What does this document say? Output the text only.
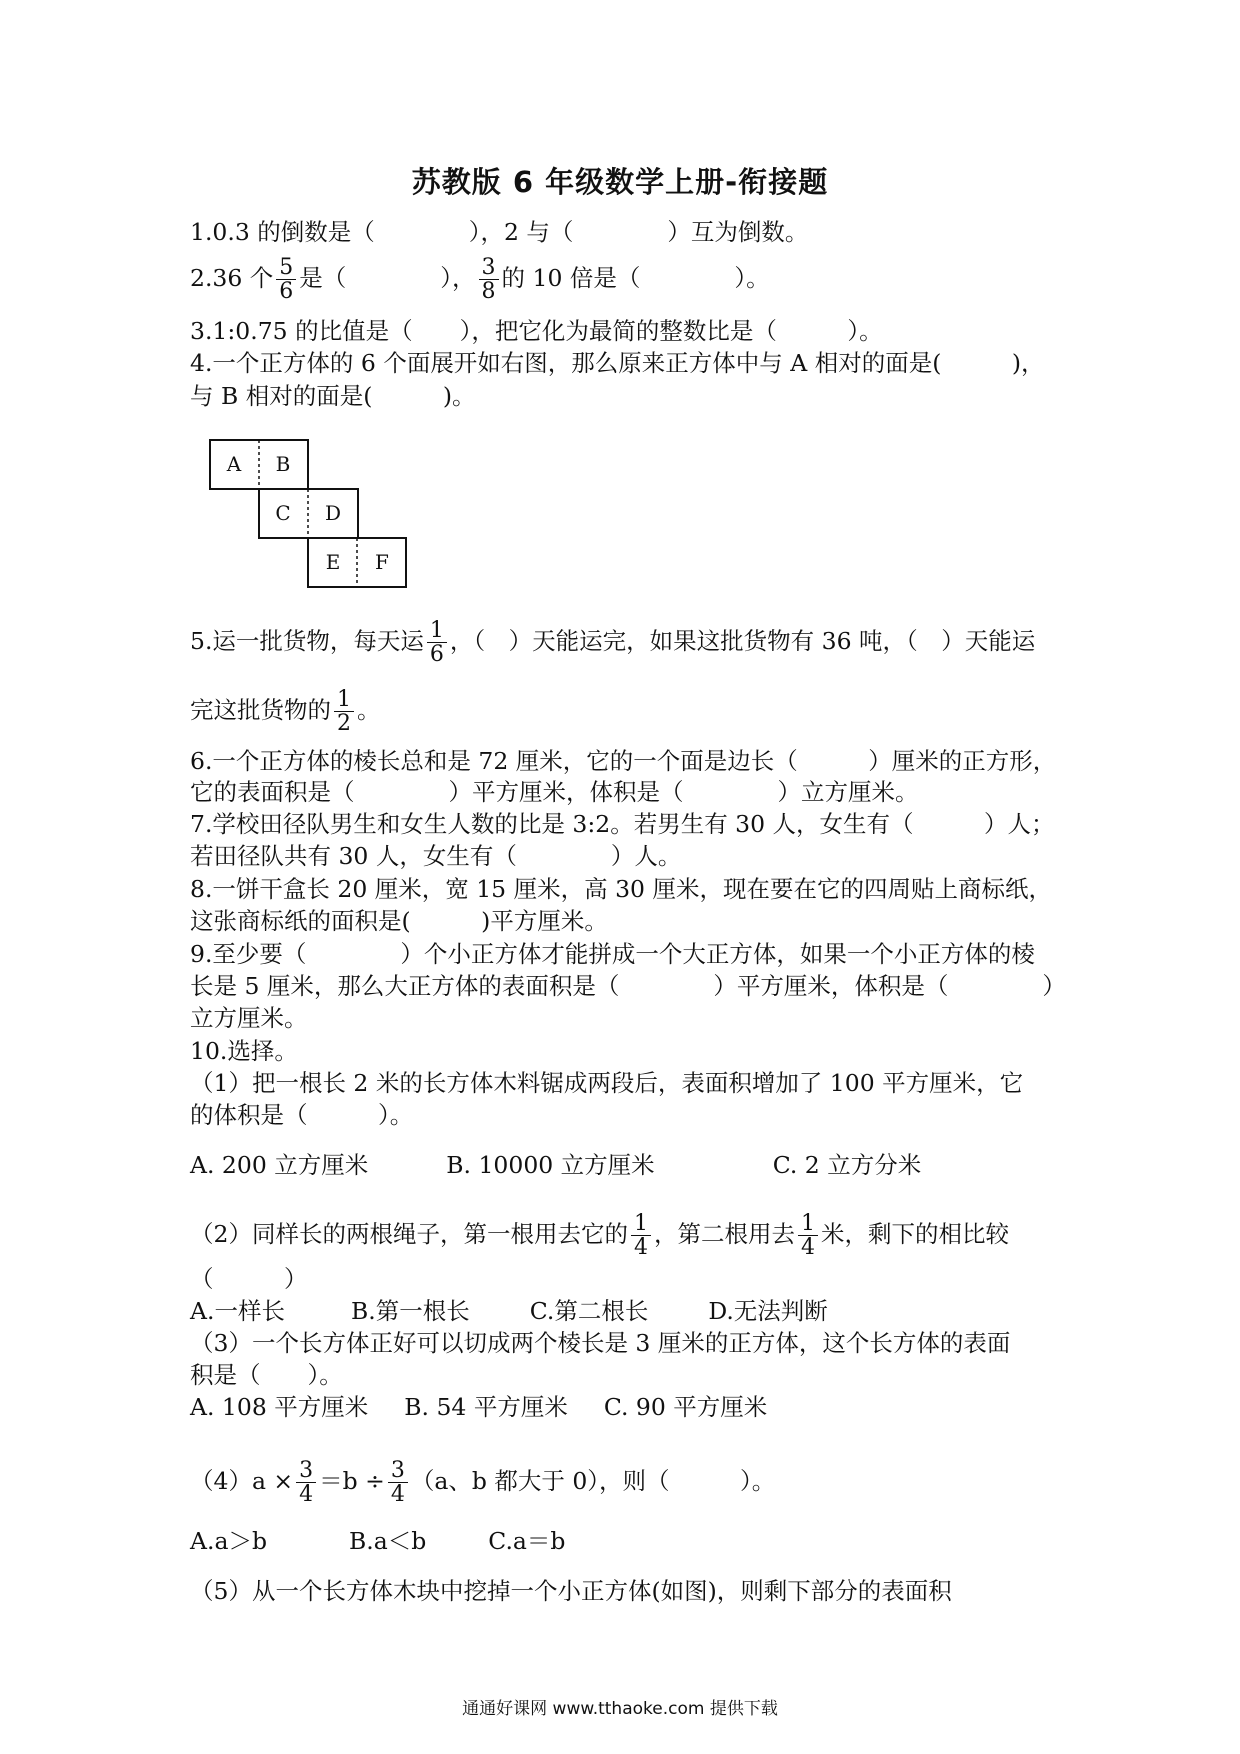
苏教版 6 年级数学上册-衔接题
1.0.3 的倒数是（　　　　），2 与（　　　　）互为倒数。
2.36 个 $\frac{5}{6}$ 是（　　　　）， $\frac{3}{8}$ 的 10 倍是（　　　　）。
3.1:0.75 的比值是（　　），把它化为最简的整数比是（　　　）。
4.一个正方体的 6 个面展开如右图，那么原来正方体中与 A 相对的面是(　　　)，
与 B 相对的面是(　　　)。
A B
C D
E F
5.运一批货物，每天运 $\frac{1}{6}$ ，（　）天能运完，如果这批货物有 36 吨，（　）天能运
完这批货物的 $\frac{1}{2}$ 。
6.一个正方体的棱长总和是 72 厘米，它的一个面是边长（　　　）厘米的正方形，
它的表面积是（　　　　）平方厘米，体积是（　　　　）立方厘米。
7.学校田径队男生和女生人数的比是 3:2。若男生有 30 人，女生有（　　　）人；
若田径队共有 30 人，女生有（　　　　）人。
8.一饼干盒长 20 厘米，宽 15 厘米，高 30 厘米，现在要在它的四周贴上商标纸，
这张商标纸的面积是(　　　)平方厘米。
9.至少要（　　　　）个小正方体才能拼成一个大正方体，如果一个小正方体的棱
长是 5 厘米，那么大正方体的表面积是（　　　　）平方厘米，体积是（　　　　）
立方厘米。
10.选择。
（1）把一根长 2 米的长方体木料锯成两段后，表面积增加了 100 平方厘米，它
的体积是（　　　）。
A. 200 立方厘米	B. 10000 立方厘米	C. 2 立方分米
（2）同样长的两根绳子，第一根用去它的 $\frac{1}{4}$ ，第二根用去 $\frac{1}{4}$ 米，剩下的相比较
（　　　）
A.一样长	B.第一根长	C.第二根长	D.无法判断
（3）一个长方体正好可以切成两个棱长是 3 厘米的正方体，这个长方体的表面
积是（　　）。
A. 108 平方厘米 B. 54 平方厘米 C. 90 平方厘米
$(4)a \times \frac{3}{4} =b \div \frac{3}{4} (a$、b 都大于 0），则（　　　）。
A.a＞b	B.a＜b	C.a＝b
（5）从一个长方体木块中挖掉一个小正方体(如图)，则剩下部分的表面积
通通好课网 www.tthaoke.com 提供下载
